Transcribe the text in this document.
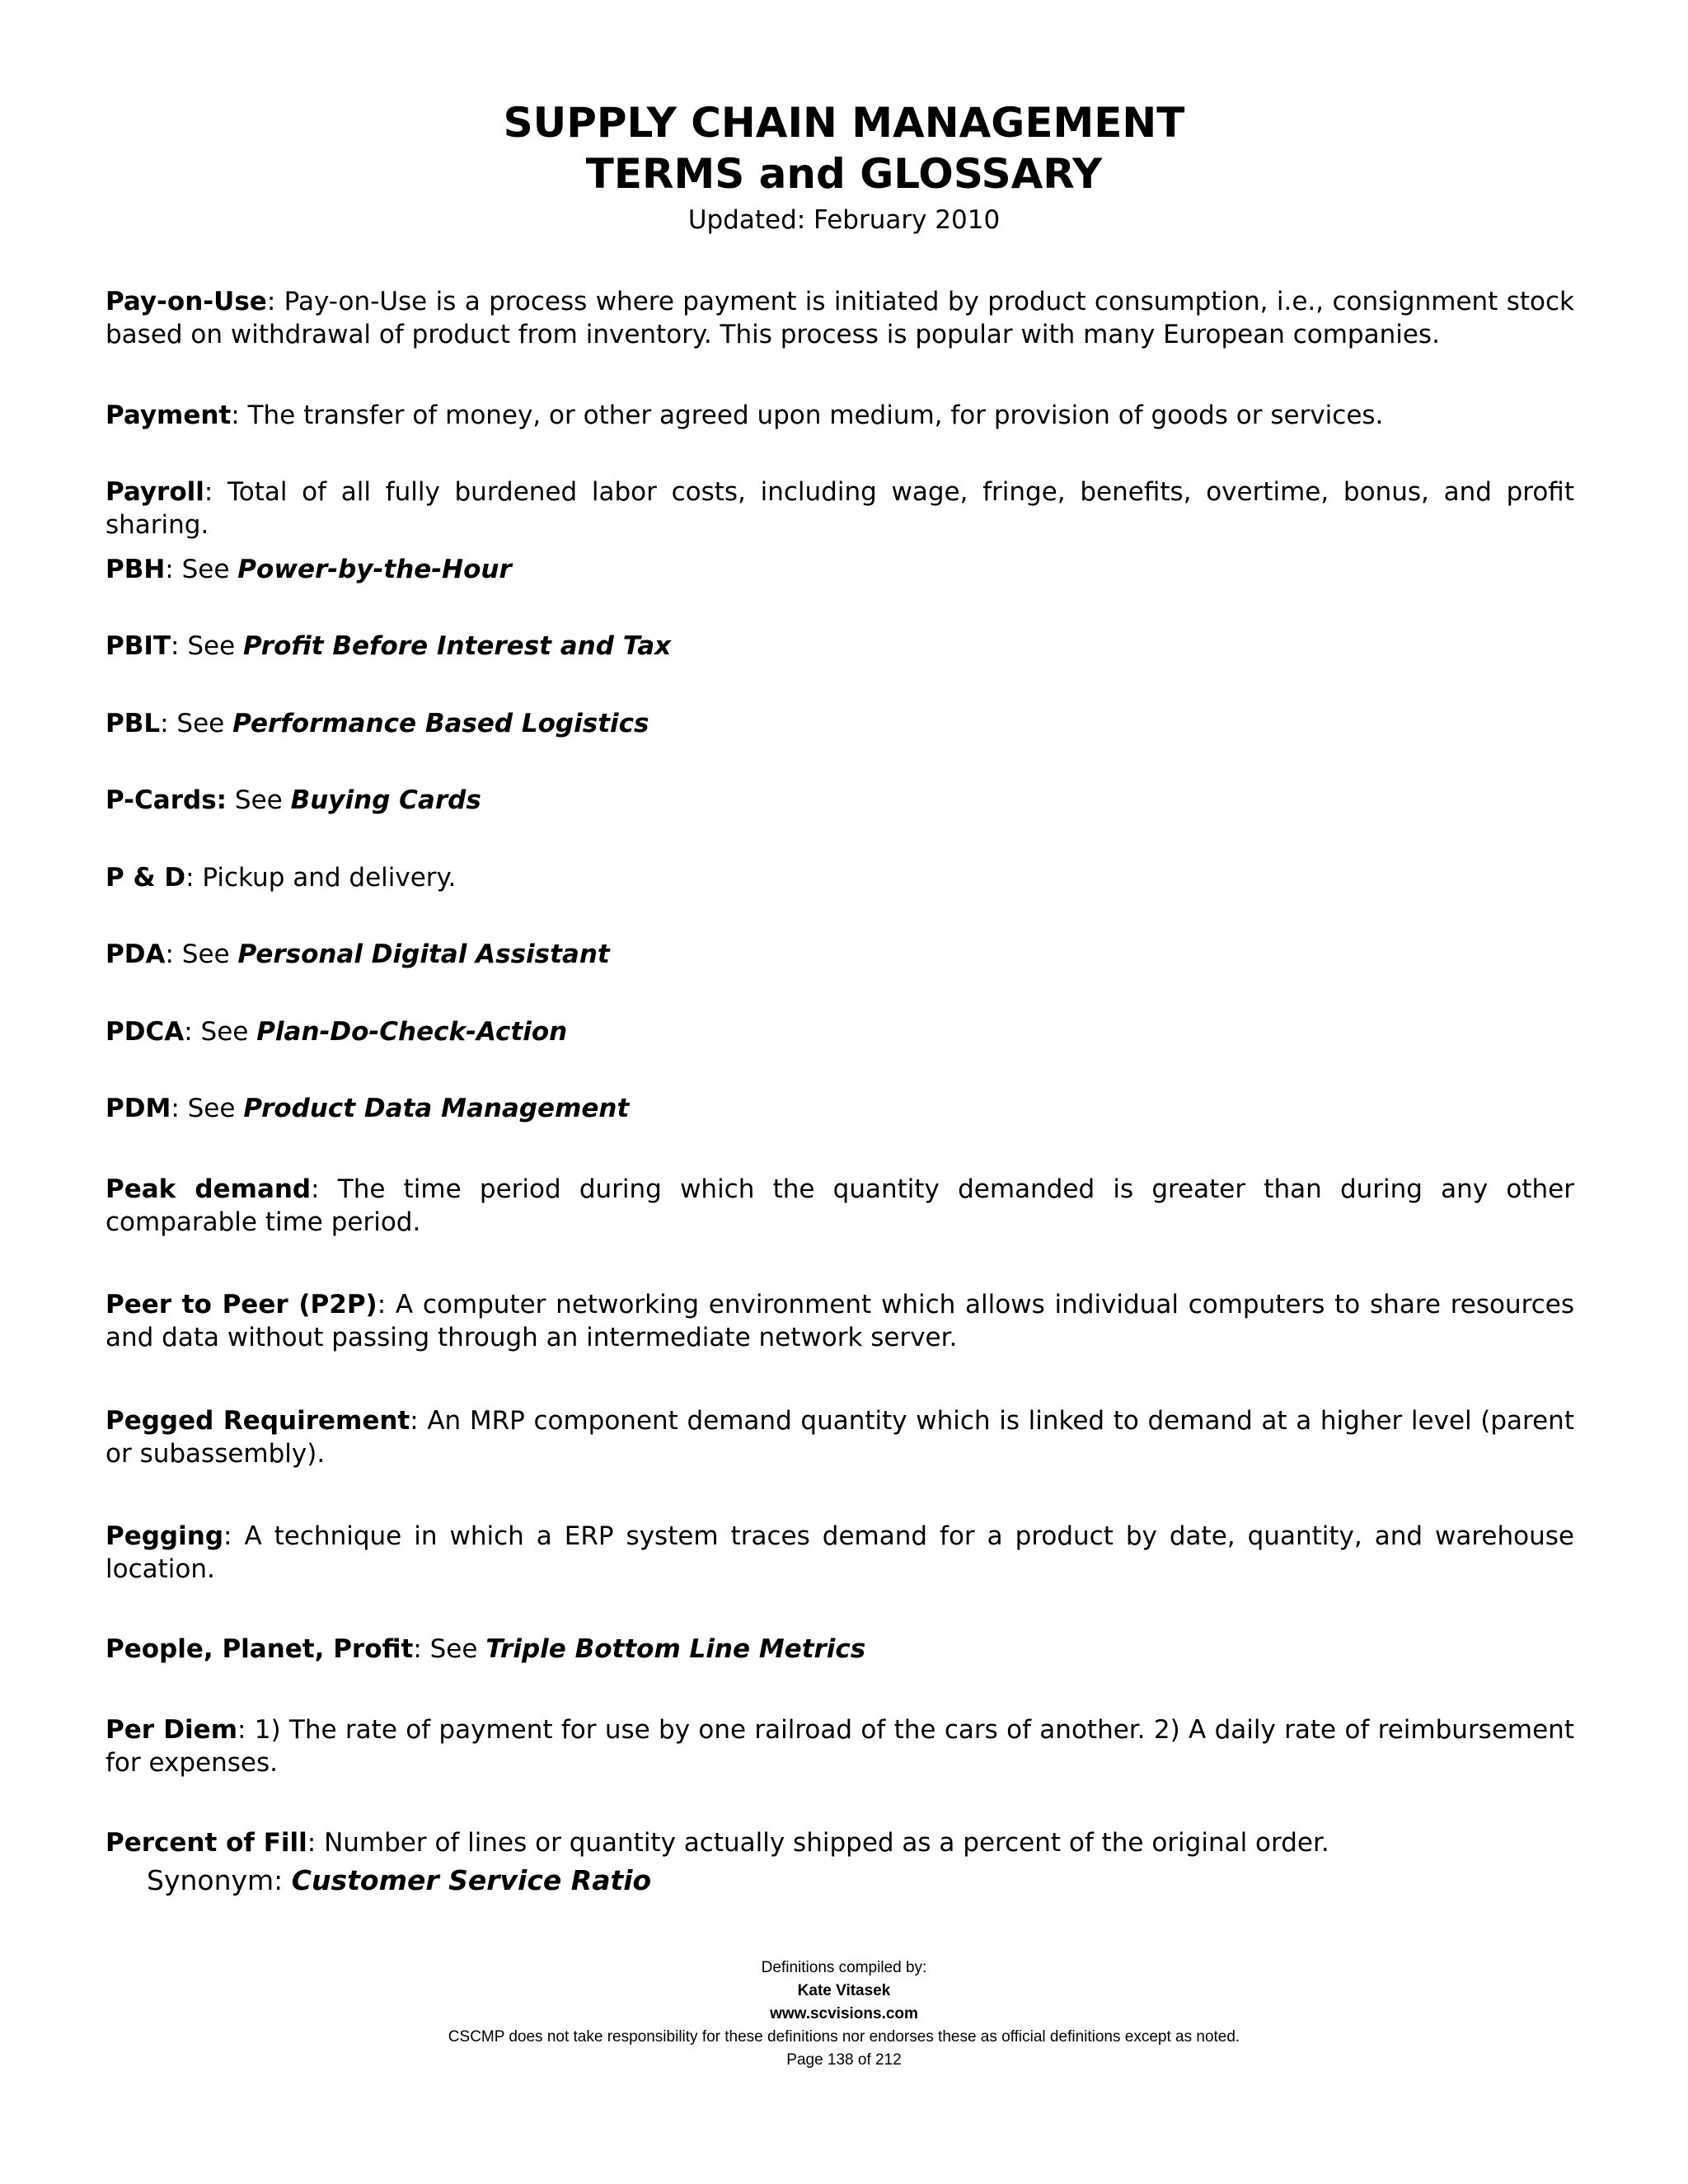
SUPPLY CHAIN MANAGEMENT
TERMS and GLOSSARY
Updated: February 2010
Pay-on-Use: Pay-on-Use is a process where payment is initiated by product consumption, i.e., consignment stock based on withdrawal of product from inventory. This process is popular with many European companies.
Payment: The transfer of money, or other agreed upon medium, for provision of goods or services.
Payroll: Total of all fully burdened labor costs, including wage, fringe, benefits, overtime, bonus, and profit sharing.
PBH: See Power-by-the-Hour
PBIT: See Profit Before Interest and Tax
PBL: See Performance Based Logistics
P-Cards: See Buying Cards
P & D: Pickup and delivery.
PDA: See Personal Digital Assistant
PDCA: See Plan-Do-Check-Action
PDM: See Product Data Management
Peak demand: The time period during which the quantity demanded is greater than during any other comparable time period.
Peer to Peer (P2P): A computer networking environment which allows individual computers to share resources and data without passing through an intermediate network server.
Pegged Requirement: An MRP component demand quantity which is linked to demand at a higher level (parent or subassembly).
Pegging: A technique in which a ERP system traces demand for a product by date, quantity, and warehouse location.
People, Planet, Profit: See Triple Bottom Line Metrics
Per Diem: 1) The rate of payment for use by one railroad of the cars of another. 2) A daily rate of reimbursement for expenses.
Percent of Fill: Number of lines or quantity actually shipped as a percent of the original order.
Synonym: Customer Service Ratio
Definitions compiled by:
Kate Vitasek
www.scvisions.com
CSCMP does not take responsibility for these definitions nor endorses these as official definitions except as noted.
Page 138 of 212
